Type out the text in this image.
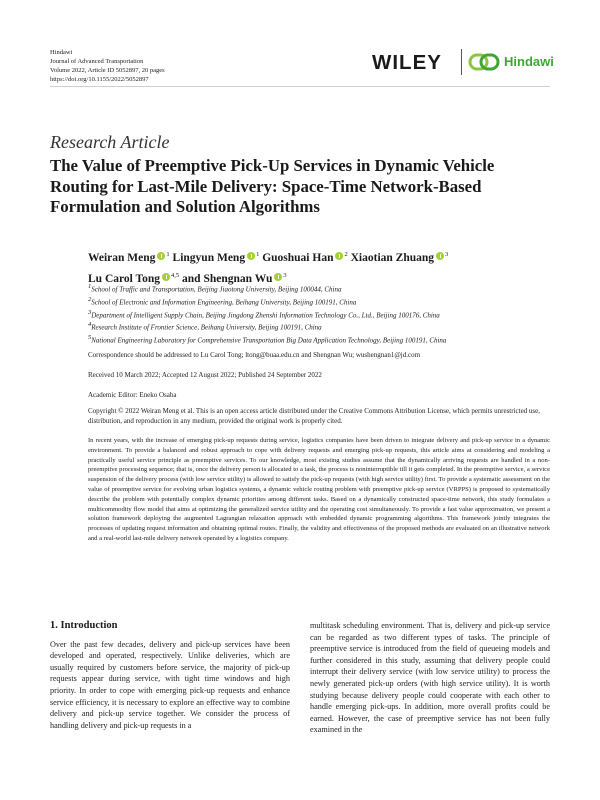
Hindawi
Journal of Advanced Transportation
Volume 2022, Article ID 5052897, 20 pages
https://doi.org/10.1155/2022/5052897
WILEY	Hindawi
Research Article
The Value of Preemptive Pick-Up Services in Dynamic Vehicle Routing for Last-Mile Delivery: Space-Time Network-Based Formulation and Solution Algorithms
Weiran Meng $^1$ Lingyun Meng $^1$ Guoshuai Han $^2$ Xiaotian Zhuang $^3$
Lu Carol Tong $^{4,5}$ and Shengnan Wu $^3$
$^1$School of Traffic and Transportation, Beijing Jiaotong University, Beijing 100044, China
$^2$School of Electronic and Information Engineering, Beihang University, Beijing 100191, China
$^3$Department of Intelligent Supply Chain, Beijing Jingdong Zhenshi Information Technology Co., Ltd., Beijing 100176, China
$^4$Research Institute of Frontier Science, Beihang University, Beijing 100191, China
$^5$National Engineering Laboratory for Comprehensive Transportation Big Data Application Technology, Beijing 100191, China
Correspondence should be addressed to Lu Carol Tong; ltong@buaa.edu.cn and Shengnan Wu; wushengnan1@jd.com
Received 10 March 2022; Accepted 12 August 2022; Published 24 September 2022
Academic Editor: Eneko Osaba
Copyright © 2022 Weiran Meng et al. This is an open access article distributed under the Creative Commons Attribution License, which permits unrestricted use, distribution, and reproduction in any medium, provided the original work is properly cited.
In recent years, with the increase of emerging pick-up requests during service, logistics companies have been driven to integrate delivery and pick-up service in a dynamic environment. To provide a balanced and robust approach to cope with delivery requests and emerging pick-up requests, this article aims at considering and modeling a practically useful service principle as preemptive services. To our knowledge, most existing studies assume that the dynamically arriving requests are handled in a non-preemptive processing sequence; that is, once the delivery person is allocated to a task, the process is noninterruptible till it gets completed. In the preemptive service, a service suspension of the delivery process (with low service utility) is allowed to satisfy the pick-up requests (with high service utility) first. To provide a systematic assessment on the value of preemptive service for evolving urban logistics systems, a dynamic vehicle routing problem with preemptive pick-up service (VRPPS) is proposed to systematically describe the problem with potentially complex dynamic priorities among different tasks. Based on a dynamically constructed space-time network, this study formulates a multicommodity flow model that aims at optimizing the generalized service utility and the operating cost simultaneously. To provide a fast value approximation, we present a solution framework deploying the augmented Lagrangian relaxation approach with embedded dynamic programming algorithms. This framework jointly integrates the processes of updating request information and obtaining optimal routes. Finally, the validity and effectiveness of the proposed methods are evaluated on an illustrative network and a real-world last-mile delivery network operated by a logistics company.
1. Introduction

Over the past few decades, delivery and pick-up services have been developed and operated, respectively. Unlike deliveries, which are usually required by customers before service, the majority of pick-up requests appear during service, with tight time windows and high priority. In order to cope with emerging pick-up requests and enhance service efficiency, it is necessary to explore an effective way to combine delivery and pick-up service together. We consider the process of handling delivery and pick-up requests in a

multitask scheduling environment. That is, delivery and pick-up service can be regarded as two different types of tasks. The principle of preemptive service is introduced from the field of queueing models and further considered in this study, assuming that delivery people could interrupt their delivery service (with low service utility) to process the newly generated pick-up orders (with high service utility). It is worth studying because delivery people could cooperate with each other to handle emerging pick-ups. In addition, more overall profits could be earned. However, the case of preemptive service has not been fully examined in the
